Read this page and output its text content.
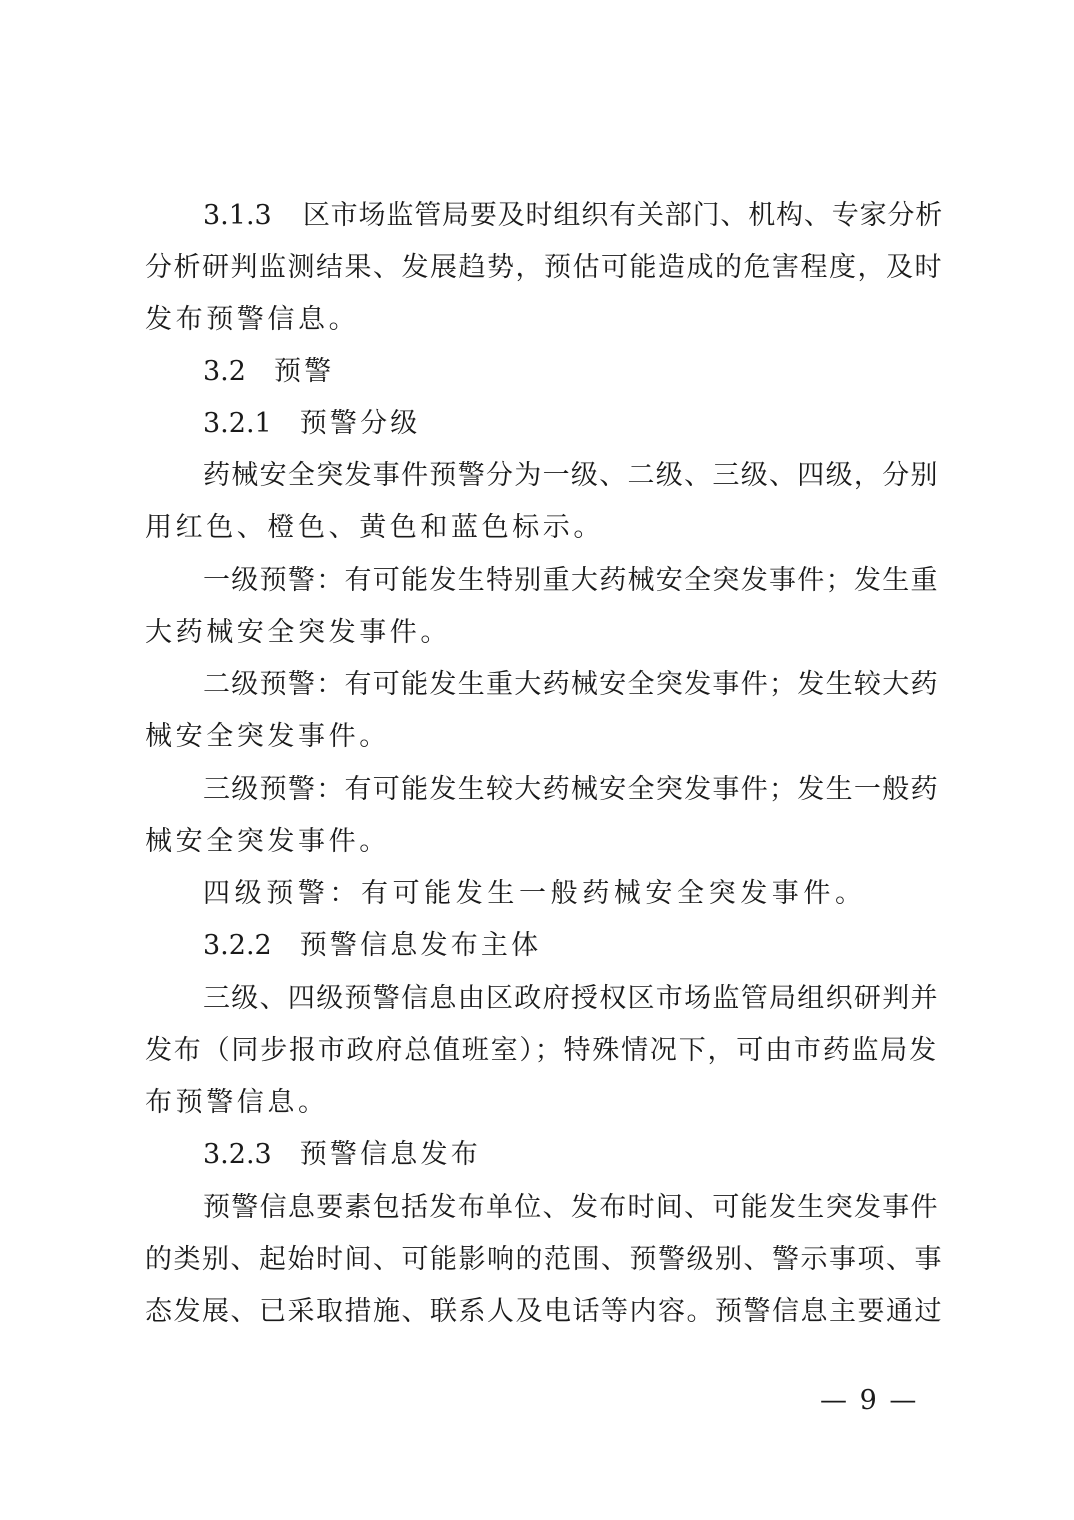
3.1.3 区市场监管局要及时组织有关部门、机构、专家分析
分析研判监测结果、发展趋势，预估可能造成的危害程度，及时
发布预警信息。
3.2 预警
3.2.1 预警分级
药械安全突发事件预警分为一级、二级、三级、四级，分别
用红色、橙色、黄色和蓝色标示。
一级预警：有可能发生特别重大药械安全突发事件；发生重
大药械安全突发事件。
二级预警：有可能发生重大药械安全突发事件；发生较大药
械安全突发事件。
三级预警：有可能发生较大药械安全突发事件；发生一般药
械安全突发事件。
四级预警：有可能发生一般药械安全突发事件。
3.2.2 预警信息发布主体
三级、四级预警信息由区政府授权区市场监管局组织研判并
发布（同步报市政府总值班室）；特殊情况下，可由市药监局发
布预警信息。
3.2.3 预警信息发布
预警信息要素包括发布单位、发布时间、可能发生突发事件
的类别、起始时间、可能影响的范围、预警级别、警示事项、事
态发展、已采取措施、联系人及电话等内容。预警信息主要通过
— 9 —
